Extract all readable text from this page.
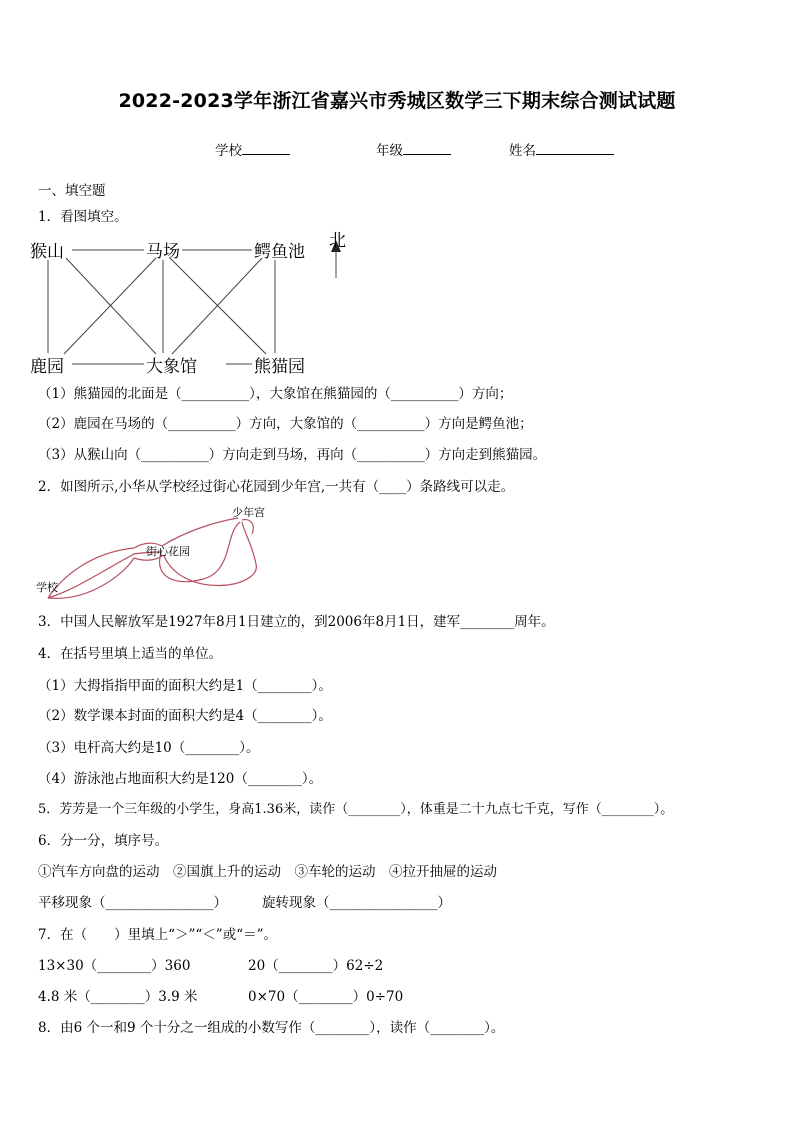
2022-2023学年浙江省嘉兴市秀城区数学三下期末综合测试试题
学校	年级	姓名
一、填空题
1．看图填空。
猴山	马场	鳄鱼池
北
鹿园	大象馆	熊猫园
（1）熊猫园的北面是（__________），大象馆在熊猫园的（__________）方向；
（2）鹿园在马场的（__________）方向，大象馆的（__________）方向是鳄鱼池；
（3）从猴山向（__________）方向走到马场，再向（__________）方向走到熊猫园。
2．如图所示,小华从学校经过街心花园到少年宫,一共有（____）条路线可以走。
少年宫
街心花园
学校
3．中国人民解放军是1927年8月1日建立的，到2006年8月1日，建军________周年。
4．在括号里填上适当的单位。
（1）大拇指指甲面的面积大约是1（________）。
（2）数学课本封面的面积大约是4（________）。
（3）电杆高大约是10（________）。
（4）游泳池占地面积大约是120（________）。
5．芳芳是一个三年级的小学生，身高1.36米，读作（________），体重是二十九点七千克，写作（________）。
6．分一分，填序号。
①汽车方向盘的运动　②国旗上升的运动　③车轮的运动　④拉开抽屉的运动
平移现象（________________）	旋转现象（________________）
7．在（　　）里填上“＞”“＜”或“＝”。
13×30（________）360	20（________）62÷2
4.8 米（________）3.9 米	0×70（________）0÷70
8．由6 个一和9 个十分之一组成的小数写作（________），读作（________）。
